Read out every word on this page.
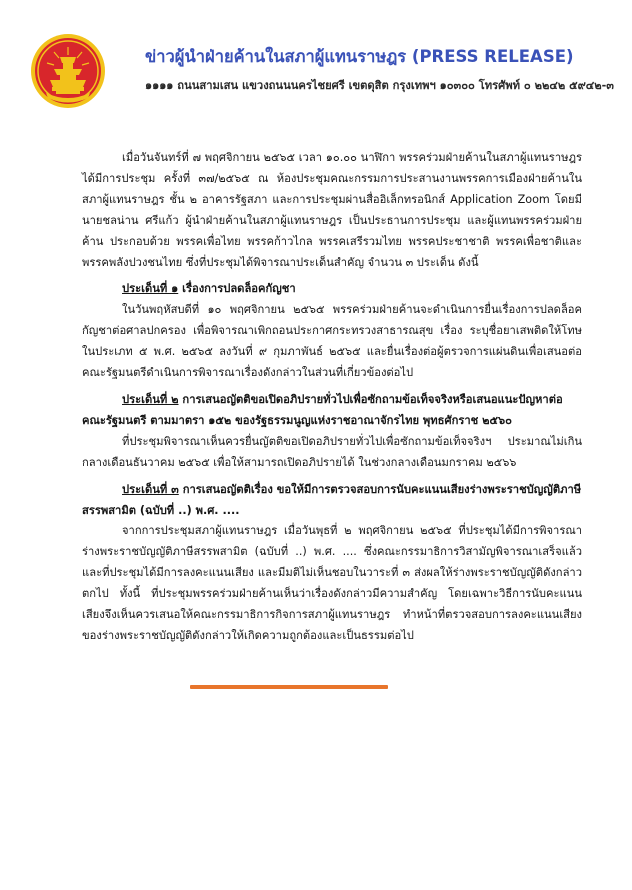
ข่าวผู้นำฝ่ายค้านในสภาผู้แทนราษฎร (PRESS RELEASE)
๑๑๑๑ ถนนสามเสน แขวงถนนนครไชยศรี เขตดุสิต กรุงเทพฯ ๑๐๓๐๐ โทรศัพท์ ๐ ๒๒๔๒ ๕๙๔๒-๓

เมื่อวันจันทร์ที่ ๗ พฤศจิกายน ๒๕๖๕ เวลา ๑๐.๐๐ นาฬิกา พรรคร่วมฝ่ายค้านในสภาผู้แทนราษฎร ได้มีการประชุม ครั้งที่ ๓๗/๒๕๖๕ ณ ห้องประชุมคณะกรรมการประสานงานพรรคการเมืองฝ่ายค้านในสภาผู้แทนราษฎร ชั้น ๒ อาคารรัฐสภา และการประชุมผ่านสื่ออิเล็กทรอนิกส์ Application Zoom โดยมีนายชลน่าน ศรีแก้ว ผู้นำฝ่ายค้านในสภาผู้แทนราษฎร เป็นประธานการประชุม และผู้แทนพรรคร่วมฝ่ายค้าน ประกอบด้วย พรรคเพื่อไทย พรรคก้าวไกล พรรคเสรีรวมไทย พรรคประชาชาติ พรรคเพื่อชาติและพรรคพลังปวงชนไทย ซึ่งที่ประชุมได้พิจารณาประเด็นสำคัญ จำนวน ๓ ประเด็น ดังนี้

ประเด็นที่ ๑ เรื่องการปลดล็อคกัญชา

ในวันพฤหัสบดีที่ ๑๐ พฤศจิกายน ๒๕๖๕ พรรคร่วมฝ่ายค้านจะดำเนินการยื่นเรื่องการปลดล็อคกัญชาต่อศาลปกครอง เพื่อพิจารณาเพิกถอนประกาศกระทรวงสาธารณสุข เรื่อง ระบุชื่อยาเสพติดให้โทษในประเภท ๕ พ.ศ. ๒๕๖๕ ลงวันที่ ๙ กุมภาพันธ์ ๒๕๖๕ และยื่นเรื่องต่อผู้ตรวจการแผ่นดินเพื่อเสนอต่อคณะรัฐมนตรีดำเนินการพิจารณาเรื่องดังกล่าวในส่วนที่เกี่ยวข้องต่อไป

ประเด็นที่ ๒ การเสนอญัตติขอเปิดอภิปรายทั่วไปเพื่อซักถามข้อเท็จจริงหรือเสนอแนะปัญหาต่อคณะรัฐมนตรี ตามมาตรา ๑๕๒ ของรัฐธรรมนูญแห่งราชอาณาจักรไทย พุทธศักราช ๒๕๖๐

ที่ประชุมพิจารณาเห็นควรยื่นญัตติขอเปิดอภิปรายทั่วไปเพื่อซักถามข้อเท็จจริงฯ ประมาณไม่เกินกลางเดือนธันวาคม ๒๕๖๕ เพื่อให้สามารถเปิดอภิปรายได้ ในช่วงกลางเดือนมกราคม ๒๕๖๖

ประเด็นที่ ๓ การเสนอญัตติเรื่อง ขอให้มีการตรวจสอบการนับคะแนนเสียงร่างพระราชบัญญัติภาษีสรรพสามิต (ฉบับที่ ..) พ.ศ. ....

จากการประชุมสภาผู้แทนราษฎร เมื่อวันพุธที่ ๒ พฤศจิกายน ๒๕๖๕ ที่ประชุมได้มีการพิจารณาร่างพระราชบัญญัติภาษีสรรพสามิต (ฉบับที่ ..) พ.ศ. .... ซึ่งคณะกรรมาธิการวิสามัญพิจารณาเสร็จแล้ว และที่ประชุมได้มีการลงคะแนนเสียง และมีมติไม่เห็นชอบในวาระที่ ๓ ส่งผลให้ร่างพระราชบัญญัติดังกล่าวตกไป ทั้งนี้ ที่ประชุมพรรคร่วมฝ่ายค้านเห็นว่าเรื่องดังกล่าวมีความสำคัญ โดยเฉพาะวิธีการนับคะแนนเสียงจึงเห็นควรเสนอให้คณะกรรมาธิการกิจการสภาผู้แทนราษฎร ทำหน้าที่ตรวจสอบการลงคะแนนเสียงของร่างพระราชบัญญัติดังกล่าวให้เกิดความถูกต้องและเป็นธรรมต่อไป
